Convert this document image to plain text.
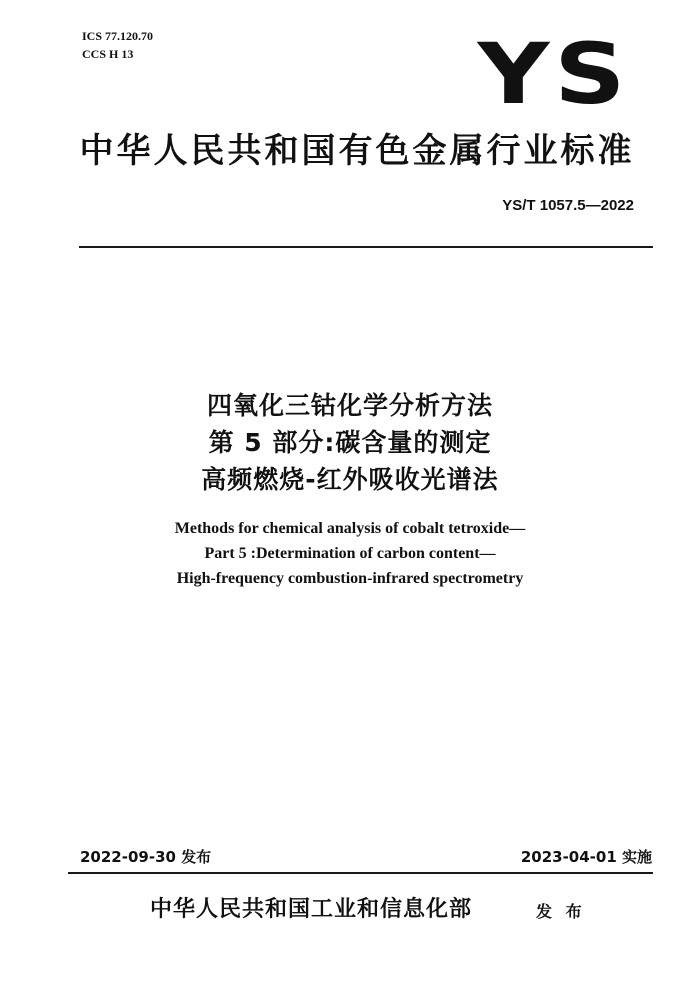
ICS 77.120.70
CCS H 13	YS
中华人民共和国有色金属行业标准
YS/T 1057.5—2022
四氧化三钴化学分析方法
第 5 部分:碳含量的测定
高频燃烧-红外吸收光谱法
Methods for chemical analysis of cobalt tetroxide—
Part 5 :Determination of carbon content—
High-frequency combustion-infrared spectrometry
2022-09-30 发布	2023-04-01 实施
中华人民共和国工业和信息化部	发 布
